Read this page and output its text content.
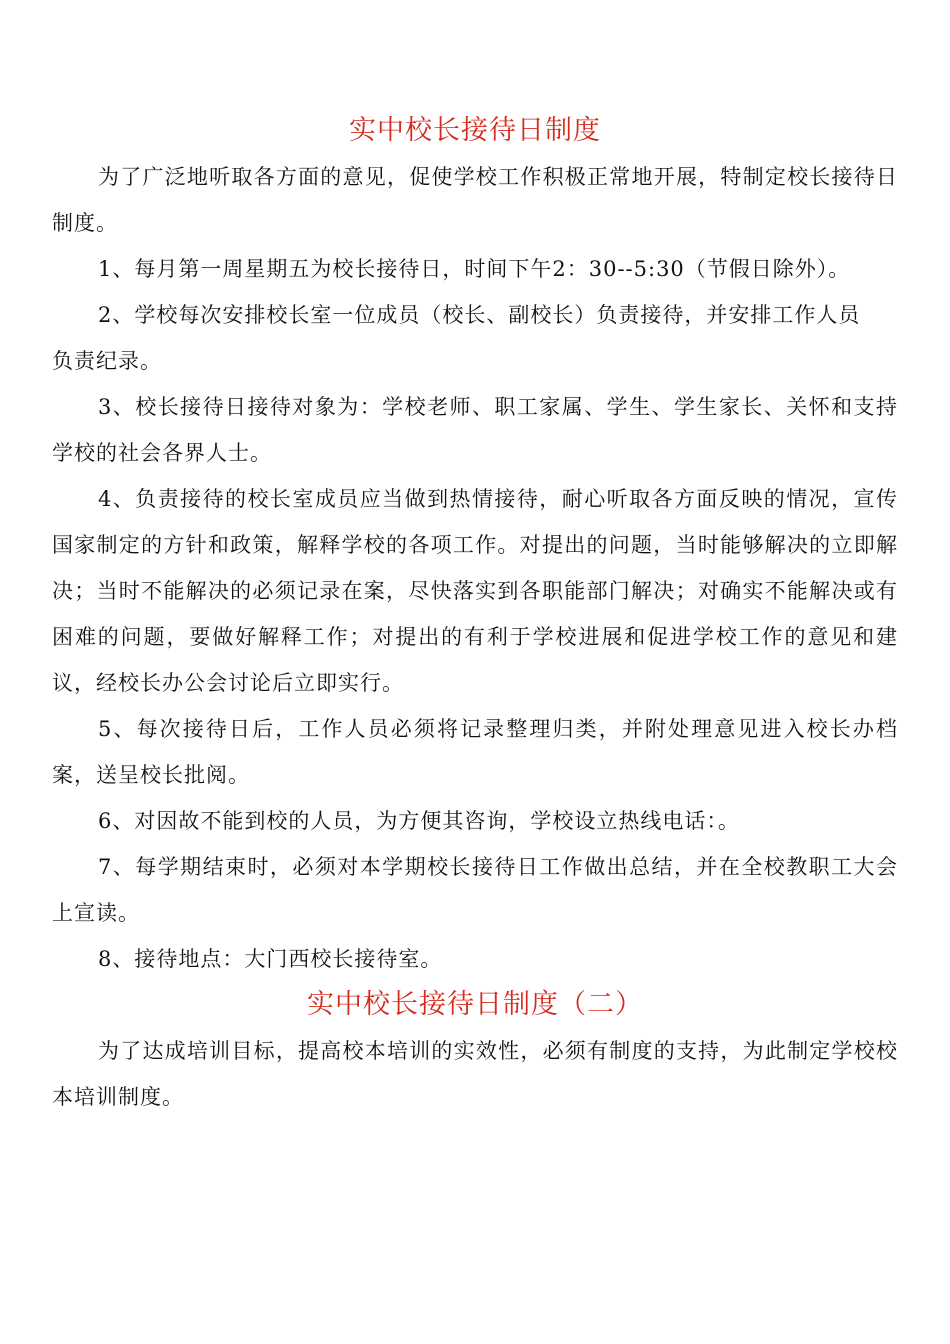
实中校长接待日制度

为了广泛地听取各方面的意见，促使学校工作积极正常地开展，特制定校长接待日制度。

1、每月第一周星期五为校长接待日，时间下午2：30--5:30（节假日除外）。

2、学校每次安排校长室一位成员（校长、副校长）负责接待，并安排工作人员

负责纪录。

3、校长接待日接待对象为：学校老师、职工家属、学生、学生家长、关怀和支持学校的社会各界人士。

4、负责接待的校长室成员应当做到热情接待，耐心听取各方面反映的情况，宣传国家制定的方针和政策，解释学校的各项工作。对提出的问题，当时能够解决的立即解决；当时不能解决的必须记录在案，尽快落实到各职能部门解决；对确实不能解决或有困难的问题，要做好解释工作；对提出的有利于学校进展和促进学校工作的意见和建议，经校长办公会讨论后立即实行。

5、每次接待日后，工作人员必须将记录整理归类，并附处理意见进入校长办档案，送呈校长批阅。

6、对因故不能到校的人员，为方便其咨询，学校设立热线电话：。

7、每学期结束时，必须对本学期校长接待日工作做出总结，并在全校教职工大会上宣读。

8、接待地点：大门西校长接待室。

实中校长接待日制度（二）

为了达成培训目标，提高校本培训的实效性，必须有制度的支持，为此制定学校校本培训制度。
